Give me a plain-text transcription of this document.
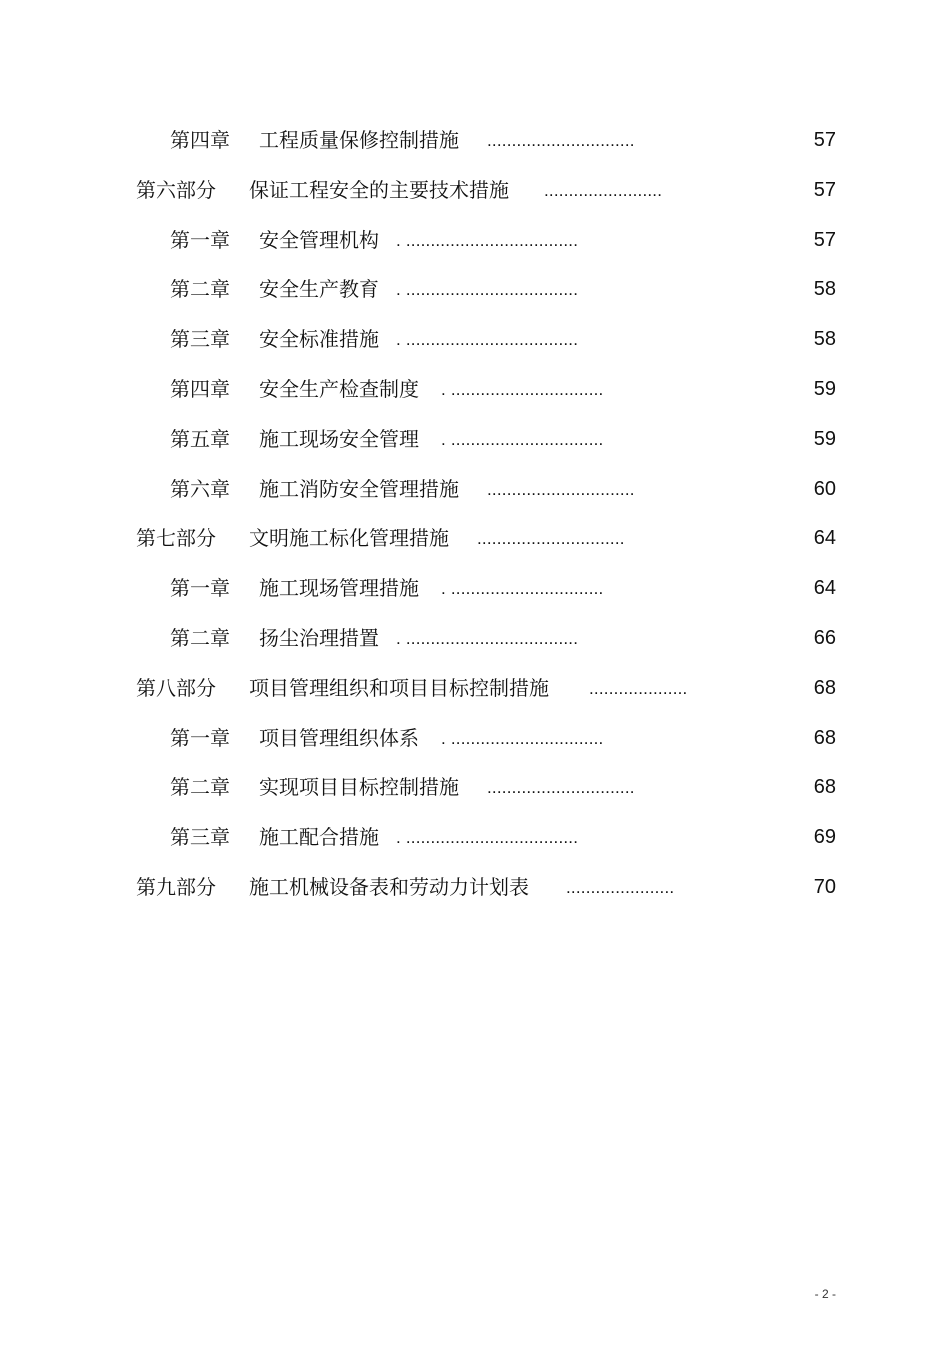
第四章 工程质量保修控制措施 ..............................	57
第六部分 保证工程安全的主要技术措施 ........................	57
第一章 安全管理机构 . ...................................	57
第二章 安全生产教育 . ...................................	58
第三章 安全标准措施 . ...................................	58
第四章 安全生产检查制度 . ...............................	59
第五章 施工现场安全管理 . ...............................	59
第六章 施工消防安全管理措施 ..............................	60
第七部分 文明施工标化管理措施 ..............................	64
第一章 施工现场管理措施 . ...............................	64
第二章 扬尘治理措置 . ...................................	66
第八部分 项目管理组织和项目目标控制措施 ....................	68
第一章 项目管理组织体系 . ...............................	68
第二章 实现项目目标控制措施 ..............................	68
第三章 施工配合措施 . ...................................	69
第九部分 施工机械设备表和劳动力计划表 ......................	70
- 2 -
